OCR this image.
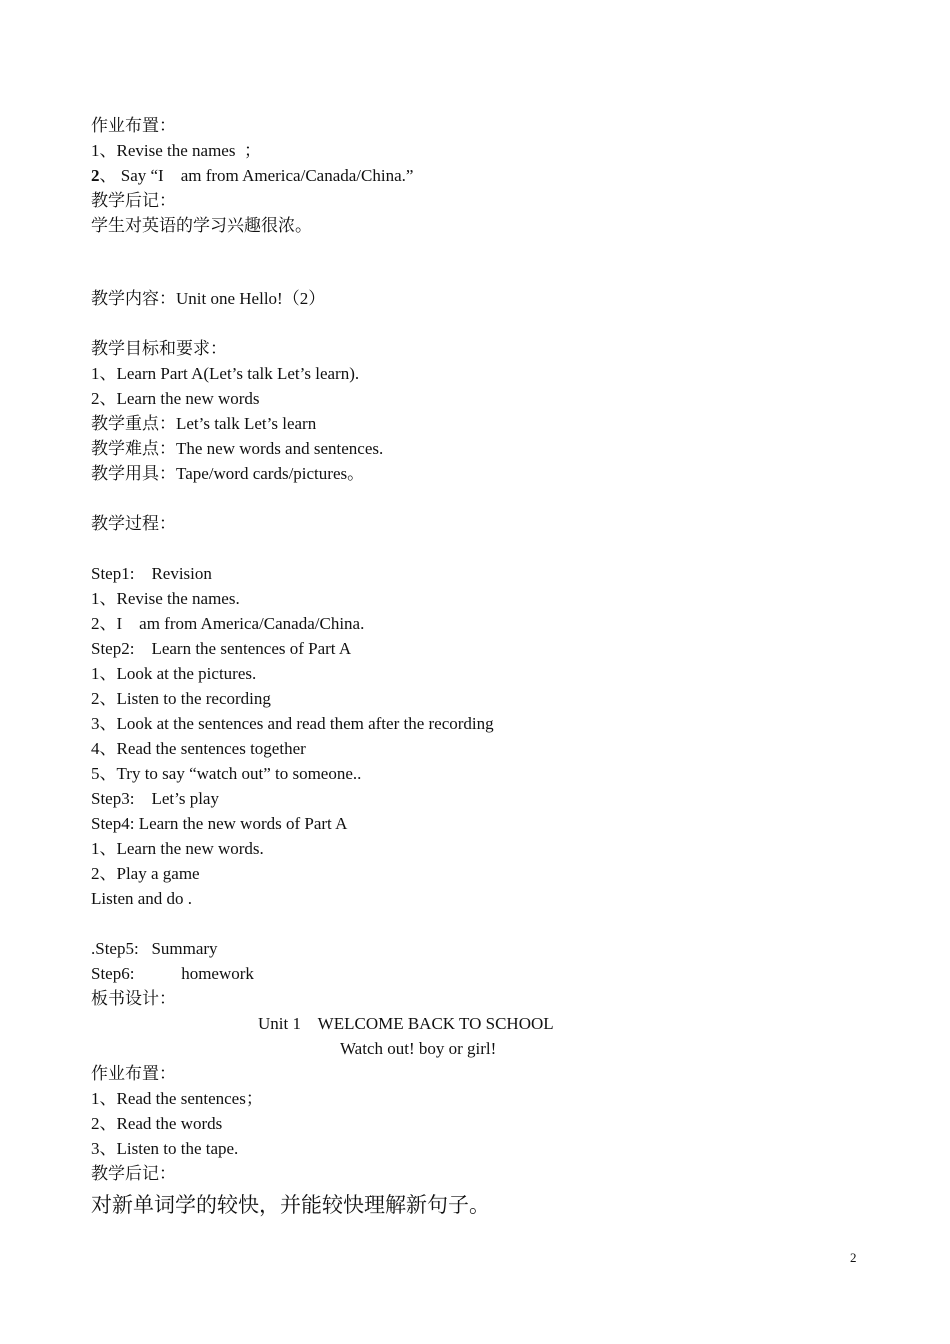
作业布置：
1、Revise the names  ；
2、 Say “I    am from America/Canada/China.”
教学后记：
学生对英语的学习兴趣很浓。
教学内容：Unit one Hello!（2）
教学目标和要求：
1、Learn Part A(Let’s talk Let’s learn).
2、Learn the new words
教学重点：Let’s talk Let’s learn
教学难点：The new words and sentences.
教学用具：Tape/word cards/pictures。
教学过程：
Step1:    Revision
1、Revise the names.
2、I    am from America/Canada/China.
Step2:    Learn the sentences of Part A
1、Look at the pictures.
2、Listen to the recording
3、Look at the sentences and read them after the recording
4、Read the sentences together
5、Try to say “watch out” to someone..
Step3:    Let’s play
Step4: Learn the new words of Part A
1、Learn the new words.
2、Play a game
Listen and do .
.Step5:   Summary
Step6:           homework
板书设计：
Unit 1    WELCOME BACK TO SCHOOL
Watch out! boy or girl!
作业布置：
1、Read the sentences；
2、Read the words
3、Listen to the tape.
教学后记：
对新单词学的较快，并能较快理解新句子。
2
